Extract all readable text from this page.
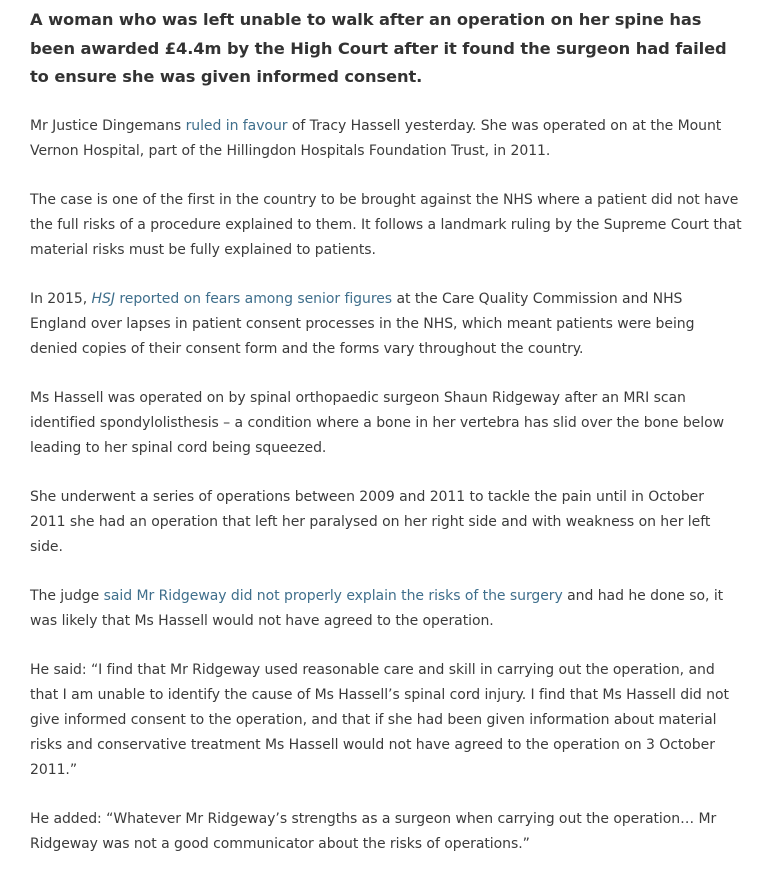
A woman who was left unable to walk after an operation on her spine has been awarded £4.4m by the High Court after it found the surgeon had failed to ensure she was given informed consent.

Mr Justice Dingemans ruled in favour of Tracy Hassell yesterday. She was operated on at the Mount Vernon Hospital, part of the Hillingdon Hospitals Foundation Trust, in 2011.

The case is one of the first in the country to be brought against the NHS where a patient did not have the full risks of a procedure explained to them. It follows a landmark ruling by the Supreme Court that material risks must be fully explained to patients.

In 2015, HSJ reported on fears among senior figures at the Care Quality Commission and NHS England over lapses in patient consent processes in the NHS, which meant patients were being denied copies of their consent form and the forms vary throughout the country.

Ms Hassell was operated on by spinal orthopaedic surgeon Shaun Ridgeway after an MRI scan identified spondylolisthesis – a condition where a bone in her vertebra has slid over the bone below leading to her spinal cord being squeezed.

She underwent a series of operations between 2009 and 2011 to tackle the pain until in October 2011 she had an operation that left her paralysed on her right side and with weakness on her left side.

The judge said Mr Ridgeway did not properly explain the risks of the surgery and had he done so, it was likely that Ms Hassell would not have agreed to the operation.

He said: “I find that Mr Ridgeway used reasonable care and skill in carrying out the operation, and that I am unable to identify the cause of Ms Hassell’s spinal cord injury. I find that Ms Hassell did not give informed consent to the operation, and that if she had been given information about material risks and conservative treatment Ms Hassell would not have agreed to the operation on 3 October 2011.”

He added: “Whatever Mr Ridgeway’s strengths as a surgeon when carrying out the operation… Mr Ridgeway was not a good communicator about the risks of operations.”
